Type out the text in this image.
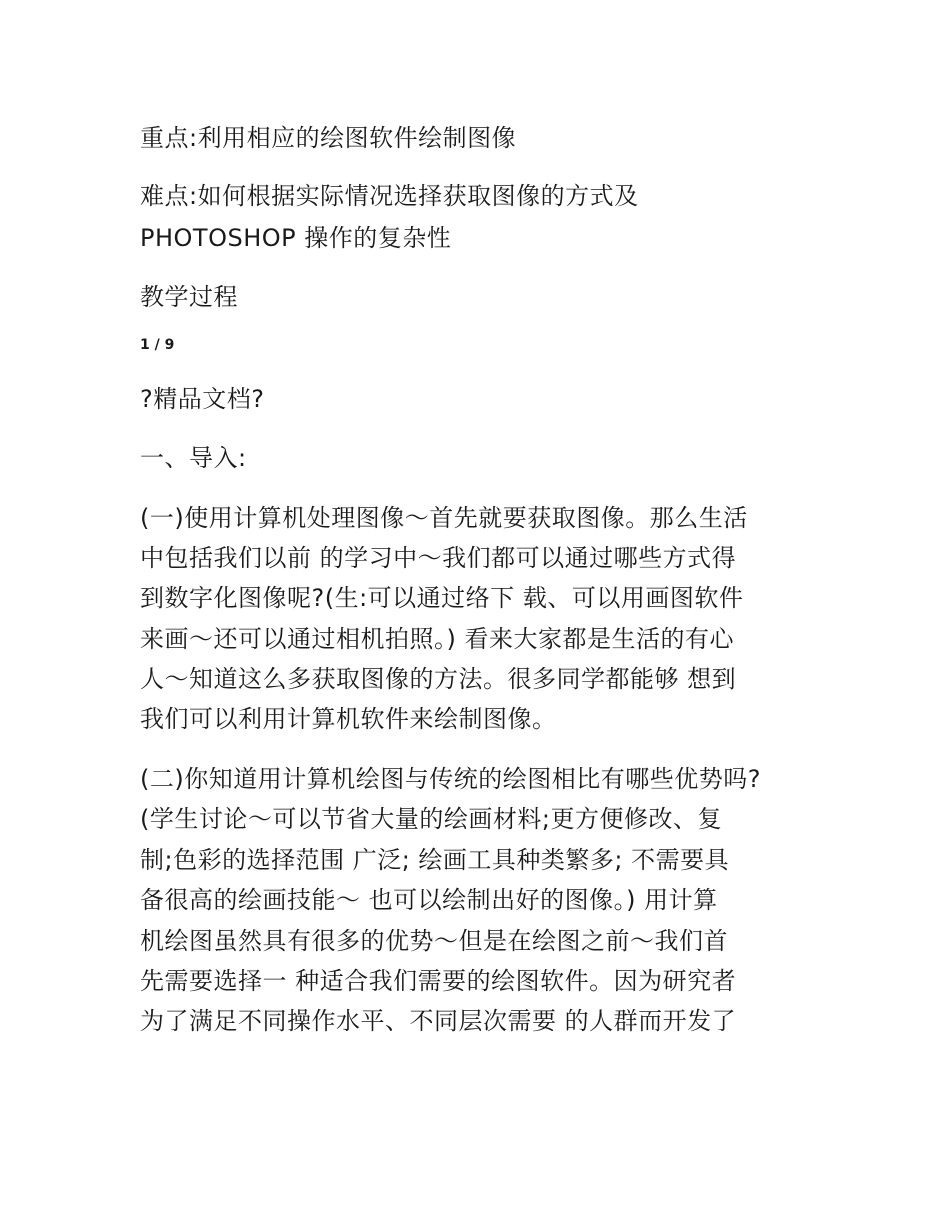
重点:利用相应的绘图软件绘制图像
难点:如何根据实际情况选择获取图像的方式及
PHOTOSHOP 操作的复杂性
教学过程
1 / 9
?精品文档?
一、导入:
(一)使用计算机处理图像～首先就要获取图像。那么生活
中包括我们以前 的学习中～我们都可以通过哪些方式得
到数字化图像呢?(生:可以通过络下 载、可以用画图软件
来画～还可以通过相机拍照。) 看来大家都是生活的有心
人～知道这么多获取图像的方法。很多同学都能够 想到
我们可以利用计算机软件来绘制图像。
(二)你知道用计算机绘图与传统的绘图相比有哪些优势吗?
(学生讨论～可以节省大量的绘画材料;更方便修改、复
制;色彩的选择范围 广泛; 绘画工具种类繁多; 不需要具
备很高的绘画技能～ 也可以绘制出好的图像。) 用计算
机绘图虽然具有很多的优势～但是在绘图之前～我们首
先需要选择一 种适合我们需要的绘图软件。因为研究者
为了满足不同操作水平、不同层次需要 的人群而开发了
